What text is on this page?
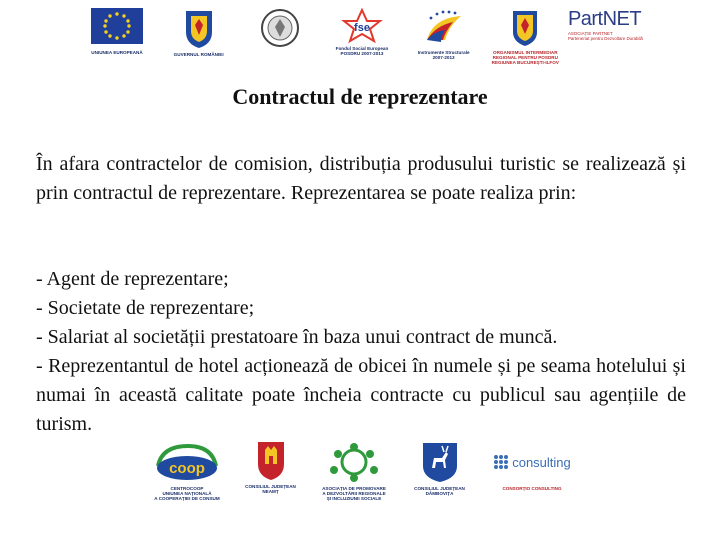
UNIUNEA EUROPEANĂ	GUVERNUL ROMÂNIEI
fse
Fondul Social European
POSDRU 2007-2013	Instrumente Structurale
2007-2013
ORGANISMUL INTERMEDIAR
REGIONAL PENTRU POSDRU
REGIUNEA BUCUREȘTI-ILFOV
PartNET
ASOCIAȚIE PARTNET
Parteneriat pentru Dezvoltare Durabilă
Contractul de reprezentare

În afara contractelor de comision, distribuția produsului turistic se realizează și prin contractul de reprezentare. Reprezentarea se poate realiza prin:

- Agent de reprezentare;
- Societate de reprezentare;
- Salariat al societății prestatoare în baza unui contract de muncă.
- Reprezentantul de hotel acționează de obicei în numele și pe seama hotelului și numai în această calitate poate încheia contracte cu publicul sau agențiile de turism.
coop
CENTROCOOP
UNIUNEA NAȚIONALĂ
A COOPERAȚIEI DE CONSUM
CONSILIUL JUDEȚEAN
NEAMȚ
ASOCIAȚIA DE PROMOVARE
A DEZVOLTĂRII REGIONALE
ȘI INCLUZIUNII SOCIALE
CONSILIUL JUDEȚEAN
DÂMBOVIȚA
consulting
CONSORȚIO CONSULTING
